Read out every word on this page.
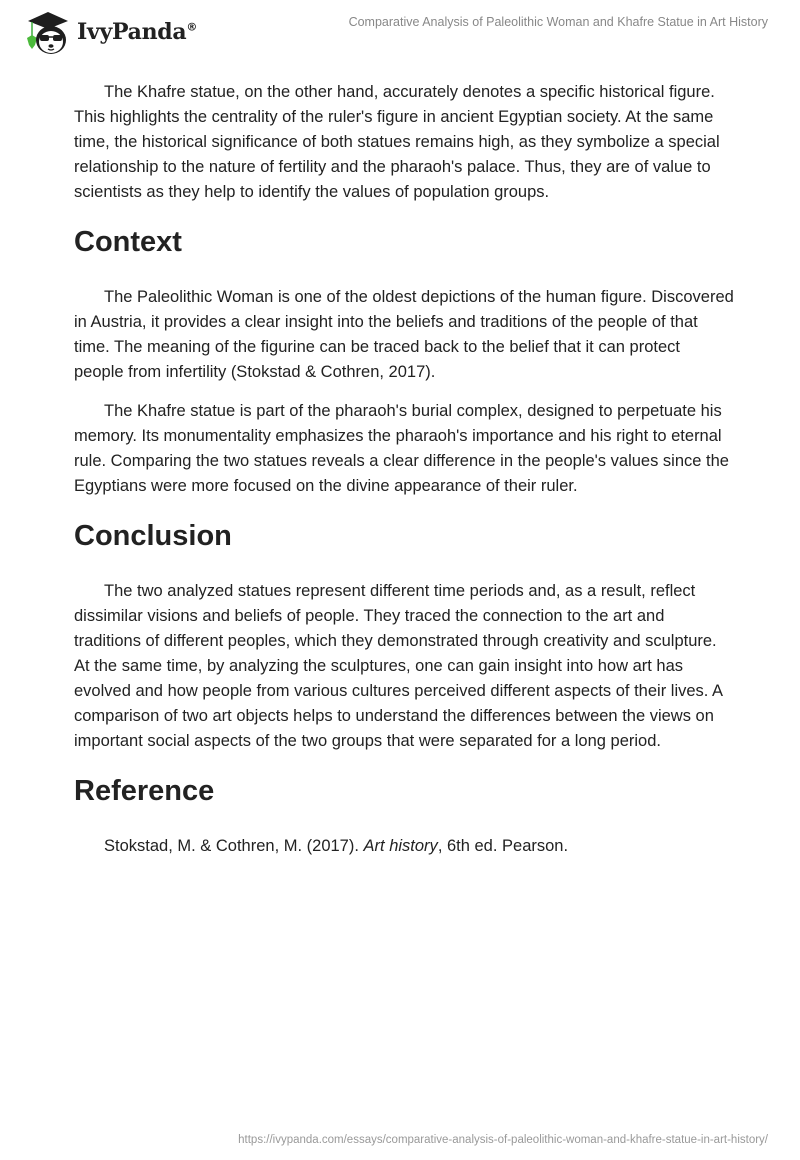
IvyPanda®	Comparative Analysis of Paleolithic Woman and Khafre Statue in Art History

The Khafre statue, on the other hand, accurately denotes a specific historical figure. This highlights the centrality of the ruler's figure in ancient Egyptian society. At the same time, the historical significance of both statues remains high, as they symbolize a special relationship to the nature of fertility and the pharaoh's palace. Thus, they are of value to scientists as they help to identify the values of population groups.

Context

The Paleolithic Woman is one of the oldest depictions of the human figure. Discovered in Austria, it provides a clear insight into the beliefs and traditions of the people of that time. The meaning of the figurine can be traced back to the belief that it can protect people from infertility (Stokstad & Cothren, 2017).

The Khafre statue is part of the pharaoh's burial complex, designed to perpetuate his memory. Its monumentality emphasizes the pharaoh's importance and his right to eternal rule. Comparing the two statues reveals a clear difference in the people's values since the Egyptians were more focused on the divine appearance of their ruler.

Conclusion

The two analyzed statues represent different time periods and, as a result, reflect dissimilar visions and beliefs of people. They traced the connection to the art and traditions of different peoples, which they demonstrated through creativity and sculpture. At the same time, by analyzing the sculptures, one can gain insight into how art has evolved and how people from various cultures perceived different aspects of their lives. A comparison of two art objects helps to understand the differences between the views on important social aspects of the two groups that were separated for a long period.

Reference
Stokstad, M. & Cothren, M. (2017). Art history, 6th ed. Pearson.
https://ivypanda.com/essays/comparative-analysis-of-paleolithic-woman-and-khafre-statue-in-art-history/
